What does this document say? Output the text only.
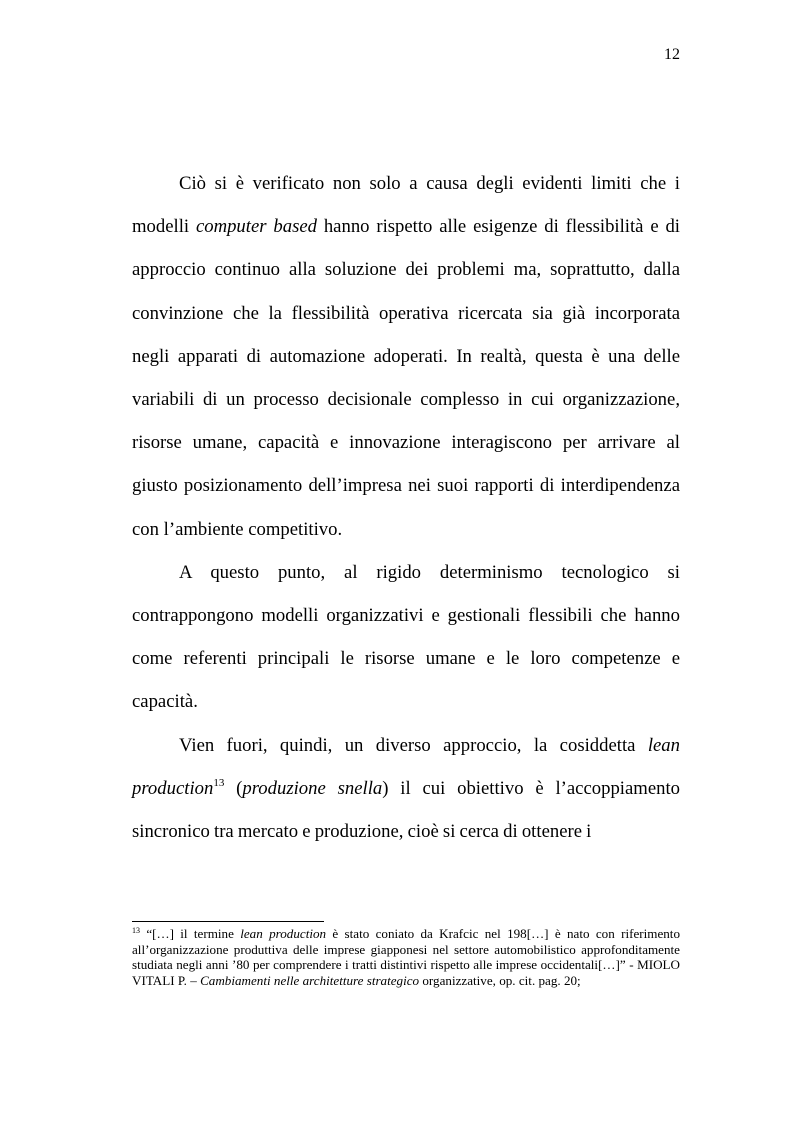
12

Ciò si è verificato non solo a causa degli evidenti limiti che i modelli computer based hanno rispetto alle esigenze di flessibilità e di approccio continuo alla soluzione dei problemi ma, soprattutto, dalla convinzione che la flessibilità operativa ricercata sia già incorporata negli apparati di automazione adoperati. In realtà, questa è una delle variabili di un processo decisionale complesso in cui organizzazione, risorse umane, capacità e innovazione interagiscono per arrivare al giusto posizionamento dell’impresa nei suoi rapporti di interdipendenza con l’ambiente competitivo.

A questo punto, al rigido determinismo tecnologico si contrappongono modelli organizzativi e gestionali flessibili che hanno come referenti principali le risorse umane e le loro competenze e capacità.

Vien fuori, quindi, un diverso approccio, la cosiddetta lean production$^{13}$ (produzione snella) il cui obiettivo è l’accoppiamento sincronico tra mercato e produzione, cioè si cerca di ottenere i

$^{13}$ “[…] il termine lean production è stato coniato da Krafcic nel 198[…] è nato con riferimento all’organizzazione produttiva delle imprese giapponesi nel settore automobilistico approfonditamente studiata negli anni ’80 per comprendere i tratti distintivi rispetto alle imprese occidentali[…]” - MIOLO VITALI P. – Cambiamenti nelle architetture strategico organizzative, op. cit. pag. 20;
